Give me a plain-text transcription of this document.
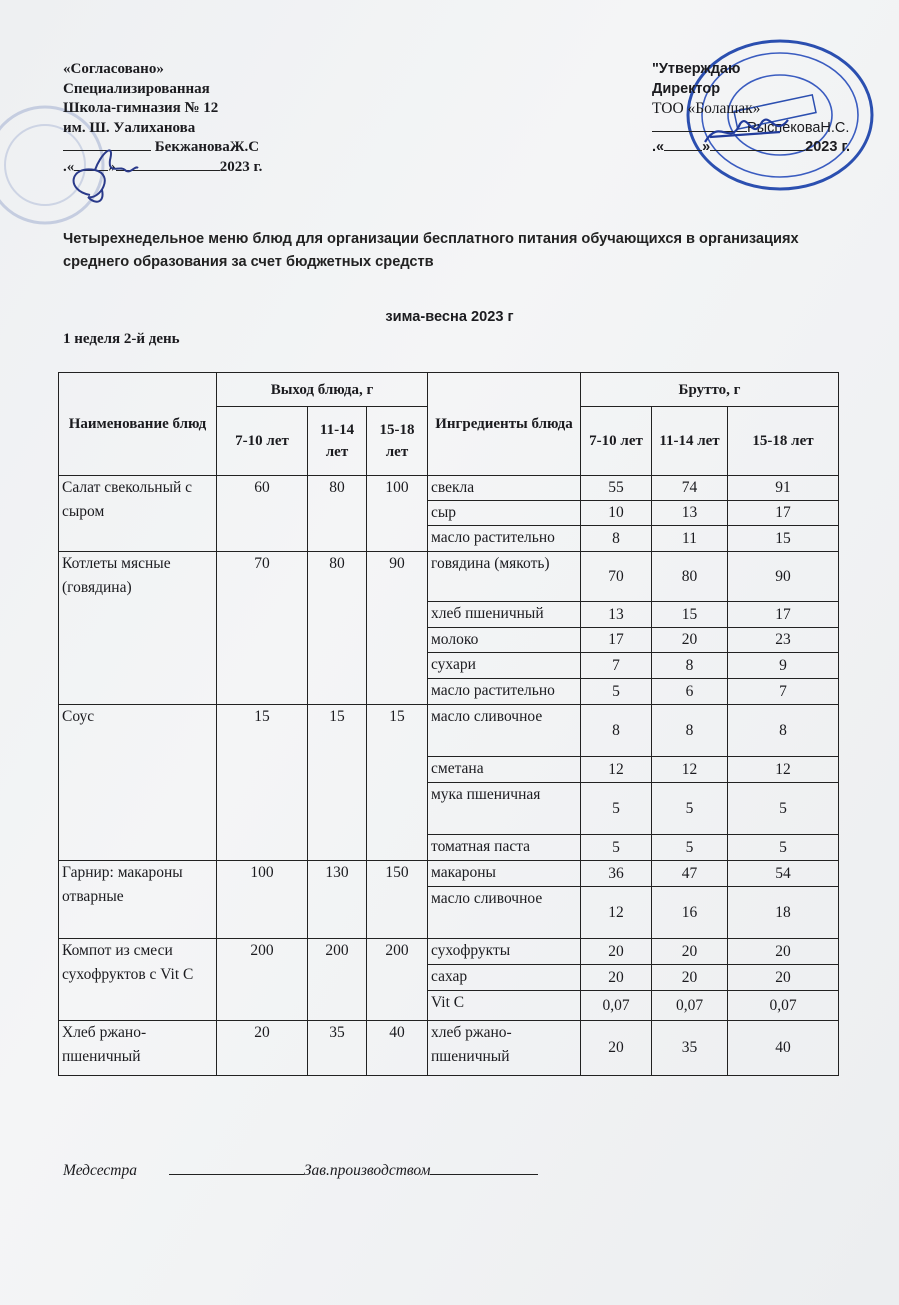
«Согласовано»
Специализированная
Школа-гимназия № 12
им. Ш. Уалиханова
БекжановаЖ.С
.« »	2023 г.
"Утверждаю
Директор
ТОО «Болашак»
РыспековаН.С.
.«	»	2023 г.
Четырехнедельное меню блюд для организации бесплатного питания обучающихся в организациях среднего образования за счет бюджетных средств
зима-весна 2023 г
1 неделя 2-й день
Наименование блюд	Выход блюда, г			Ингредиенты блюда	Брутто, г		
	7-10 лет	11-14 лет	15-18 лет		7-10 лет	11-14 лет	15-18 лет
Салат свекольный с сыром	60	80	100	свекла	55	74	91
				сыр	10	13	17
				масло растительно	8	11	15
Котлеты мясные (говядина)	70	80	90	говядина (мякоть)	70	80	90
				хлеб пшеничный	13	15	17
				молоко	17	20	23
				сухари	7	8	9
				масло растительно	5	6	7
Соус	15	15	15	масло сливочное	8	8	8
				сметана	12	12	12
				мука пшеничная	5	5	5
				томатная паста	5	5	5
Гарнир: макароны отварные	100	130	150	макароны	36	47	54
				масло сливочное	12	16	18
Компот из смеси сухофруктов с Vit C	200	200	200	сухофрукты	20	20	20
				сахар	20	20	20
				Vit C	0,07	0,07	0,07
Хлеб ржано-пшеничный	20	35	40	хлеб ржано-пшеничный	20	35	40
Медсестра	Зав.производством
